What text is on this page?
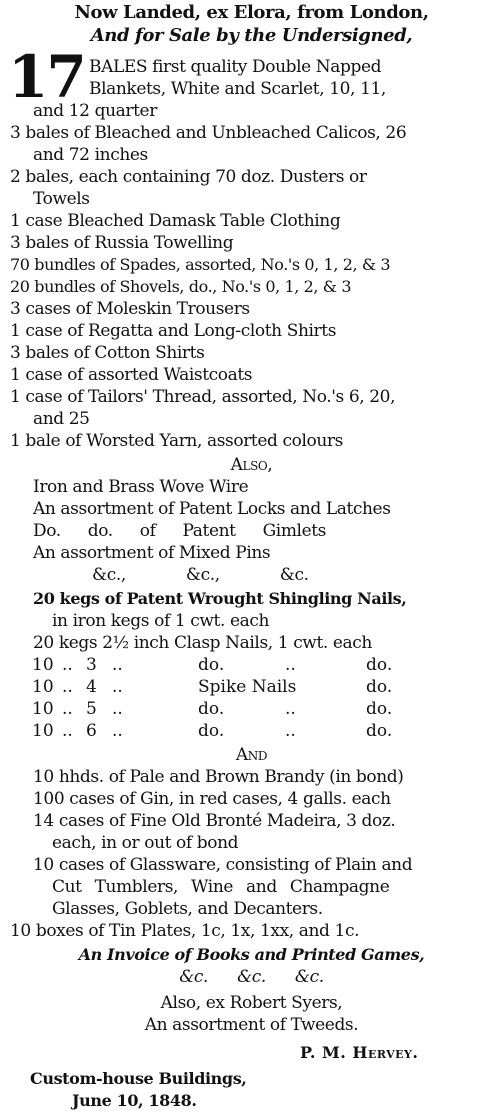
Now Landed, ex Elora, from London,
And for Sale by the Undersigned,
17 BALES first quality Double Napped
Blankets, White and Scarlet, 10, 11,
and 12 quarter
3 bales of Bleached and Unbleached Calicos, 26
and 72 inches
2 bales, each containing 70 doz. Dusters or
Towels
1 case Bleached Damask Table Clothing
3 bales of Russia Towelling
70 bundles of Spades, assorted, No.'s 0, 1, 2, & 3
20 bundles of Shovels, do., No.'s 0, 1, 2, & 3
3 cases of Moleskin Trousers
1 case of Regatta and Long-cloth Shirts
3 bales of Cotton Shirts
1 case of assorted Waistcoats
1 case of Tailors' Thread, assorted, No.'s 6, 20,
and 25
1 bale of Worsted Yarn, assorted colours
Also,
Iron and Brass Wove Wire
An assortment of Patent Locks and Latches
Do. do. of Patent Gimlets
An assortment of Mixed Pins
&c., &c., &c.
20 kegs of Patent Wrought Shingling Nails,
in iron kegs of 1 cwt. each
20 kegs 2½ inch Clasp Nails, 1 cwt. each
10 .. 3 ..	do.	..	do.
10 .. 4 ..	Spike Nails	do.
10 .. 5 ..	do.	..	do.
10 .. 6 ..	do.	..	do.
And
10 hhds. of Pale and Brown Brandy (in bond)
100 cases of Gin, in red cases, 4 galls. each
14 cases of Fine Old Bronté Madeira, 3 doz.
each, in or out of bond
10 cases of Glassware, consisting of Plain and
Cut Tumblers, Wine and Champagne
Glasses, Goblets, and Decanters.
10 boxes of Tin Plates, 1c, 1x, 1xx, and 1c.
An Invoice of Books and Printed Games,
&c. &c. &c.
Also, ex Robert Syers,
An assortment of Tweeds.
P. M. Hervey.
Custom-house Buildings,
June 10, 1848.
